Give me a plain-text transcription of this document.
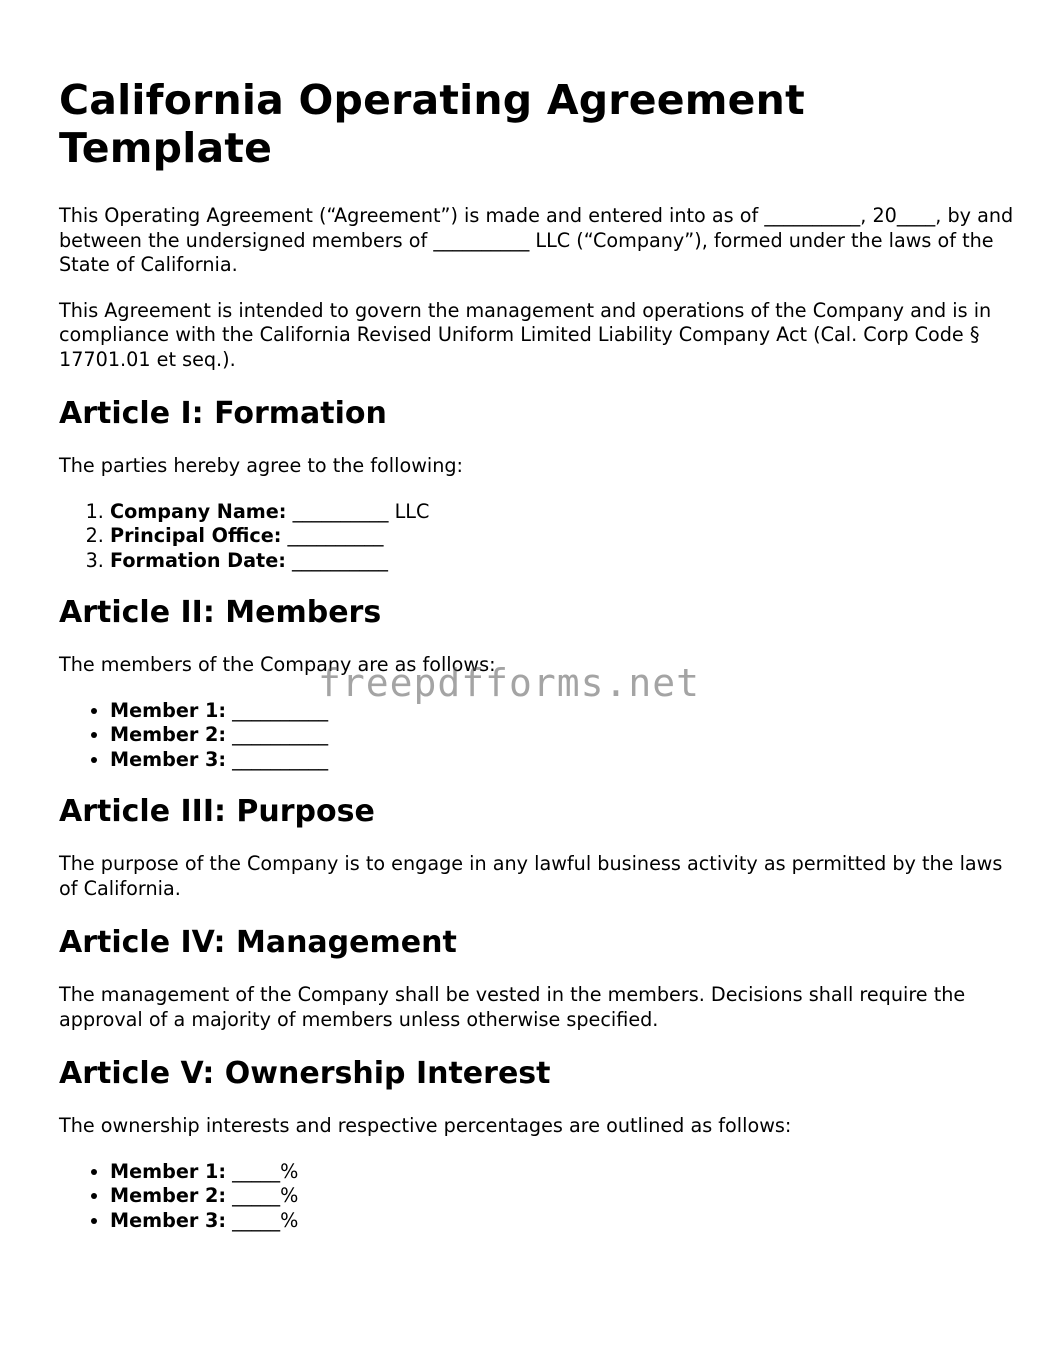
California Operating Agreement Template

This Operating Agreement (“Agreement”) is made and entered into as of __________, 20____, by and between the undersigned members of __________ LLC (“Company”), formed under the laws of the State of California.

This Agreement is intended to govern the management and operations of the Company and is in compliance with the California Revised Uniform Limited Liability Company Act (Cal. Corp Code § 17701.01 et seq.).

Article I: Formation

The parties hereby agree to the following:

1. Company Name: __________ LLC
2. Principal Office: __________
3. Formation Date: __________
Article II: Members

The members of the Company are as follows:

• Member 1: __________
• Member 2: __________
• Member 3: __________
Article III: Purpose

The purpose of the Company is to engage in any lawful business activity as permitted by the laws of California.

Article IV: Management

The management of the Company shall be vested in the members. Decisions shall require the approval of a majority of members unless otherwise specified.

Article V: Ownership Interest

The ownership interests and respective percentages are outlined as follows:

• Member 1: _____%
• Member 2: _____%
• Member 3: _____%
freepdfforms.net
